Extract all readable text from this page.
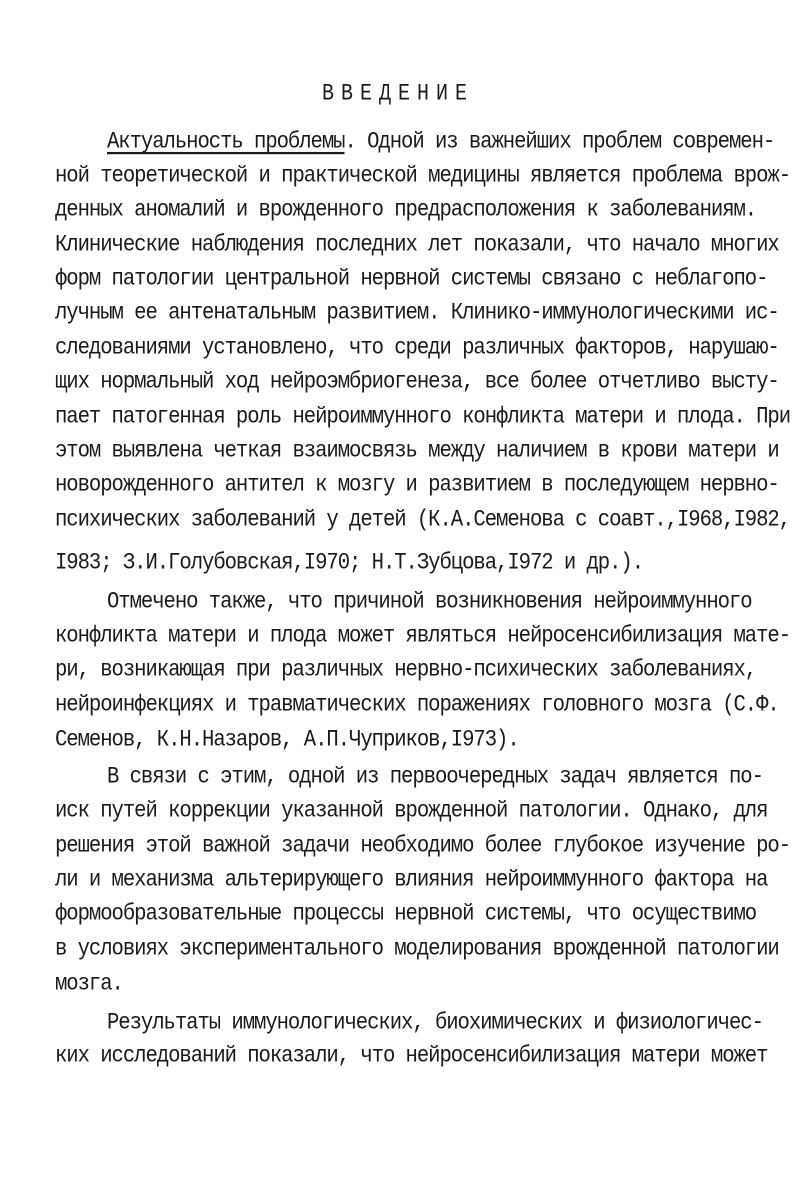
ВВЕДЕНИЕ
Актуальность проблемы. Одной из важнейших проблем современ-
ной теоретической и практической медицины является проблема врож-
денных аномалий и врожденного предрасположения к заболеваниям.
Клинические наблюдения последних лет показали, что начало многих
форм патологии центральной нервной системы связано с неблагопо-
лучным ее антенатальным развитием. Клинико-иммунологическими ис-
следованиями установлено, что среди различных факторов, нарушаю-
щих нормальный ход нейроэмбриогенеза, все более отчетливо высту-
пает патогенная роль нейроиммунного конфликта матери и плода. При
этом выявлена четкая взаимосвязь между наличием в крови матери и
новорожденного антител к мозгу и развитием в последующем нервно-
психических заболеваний у детей (К.А.Семенова с соавт.,I968,I982,
I983; З.И.Голубовская,I970; Н.Т.Зубцова,I972 и др.).
Отмечено также, что причиной возникновения нейроиммунного
конфликта матери и плода может являться нейросенсибилизация мате-
ри, возникающая при различных нервно-психических заболеваниях,
нейроинфекциях и травматических поражениях головного мозга (С.Ф.
Семенов, К.Н.Назаров, А.П.Чуприков,I973).
В связи с этим, одной из первоочередных задач является по-
иск путей коррекции указанной врожденной патологии. Однако, для
решения этой важной задачи необходимо более глубокое изучение ро-
ли и механизма альтерирующего влияния нейроиммунного фактора на
формообразовательные процессы нервной системы, что осуществимо
в условиях экспериментального моделирования врожденной патологии
мозга.
Результаты иммунологических, биохимических и физиологичес-
ких исследований показали, что нейросенсибилизация матери может
